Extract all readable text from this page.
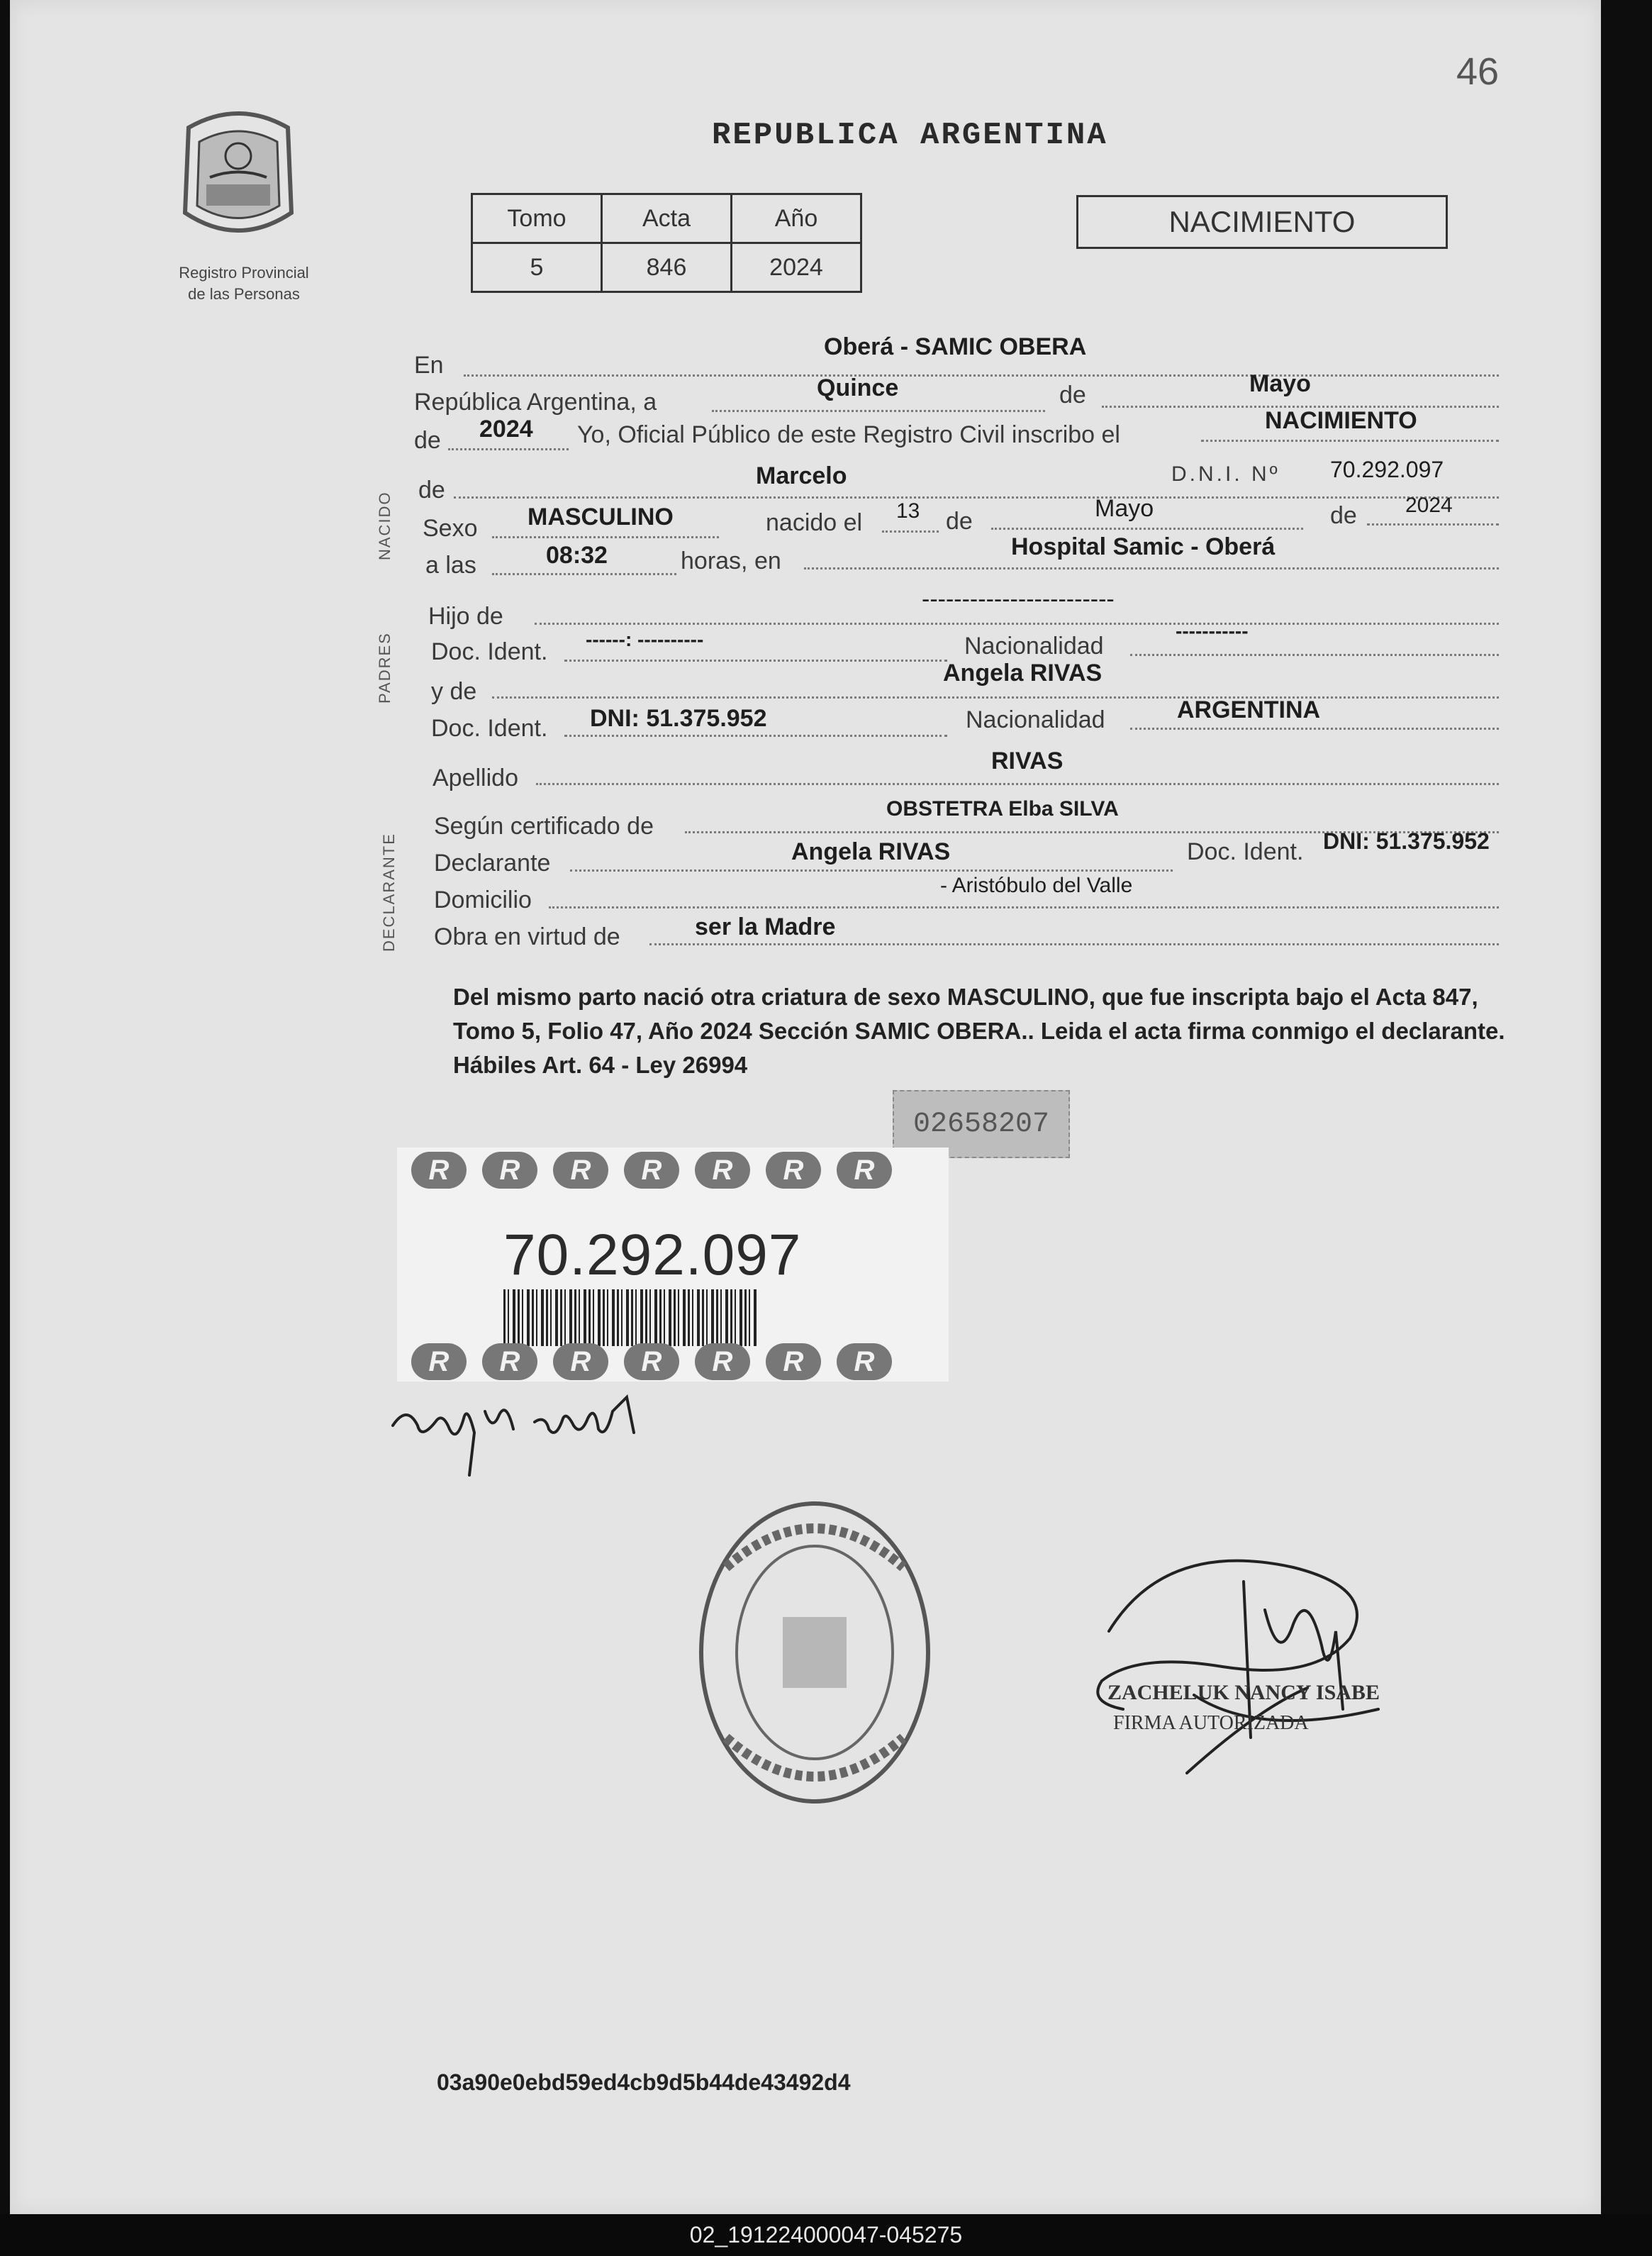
46
Registro Provincial
de las Personas
REPUBLICA ARGENTINA
Tomo	Acta	Año
5	846	2024
NACIMIENTO
NACIDO
PADRES
DECLARANTE
En
Oberá - SAMIC OBERA
República Argentina, a
Quince	de	Mayo
de 2024 Yo, Oficial Público de este Registro Civil inscribo el
NACIMIENTO
de
Marcelo	D.N.I. Nº 70.292.097
Sexo MASCULINO	nacido el 13 de	Mayo	de 2024
a las	08:32	horas, en
Hospital Samic - Oberá
Hijo de
------------------------
Doc. Ident. ------: ----------	Nacionalidad
-----------
y de
Angela RIVAS
Doc. Ident. DNI: 51.375.952	Nacionalidad	ARGENTINA
Apellido
RIVAS
Según certificado de
OBSTETRA Elba SILVA
Declarante	Angela RIVAS	Doc. Ident. DNI: 51.375.952
Domicilio
- Aristóbulo del Valle
Obra en virtud de	ser la Madre
Del mismo parto nació otra criatura de sexo MASCULINO, que fue inscripta bajo el Acta 847, Tomo 5, Folio 47, Año 2024 Sección SAMIC OBERA.. Leida el acta firma conmigo el declarante. Hábiles Art. 64 - Ley 26994
02658207
R	R	R	R	R	R	R
70.292.097
R	R	R	R	R	R	R
ZACHELUK NANCY ISABE
FIRMA AUTORIZADA
03a90e0ebd59ed4cb9d5b44de43492d4
02_191224000047-045275
